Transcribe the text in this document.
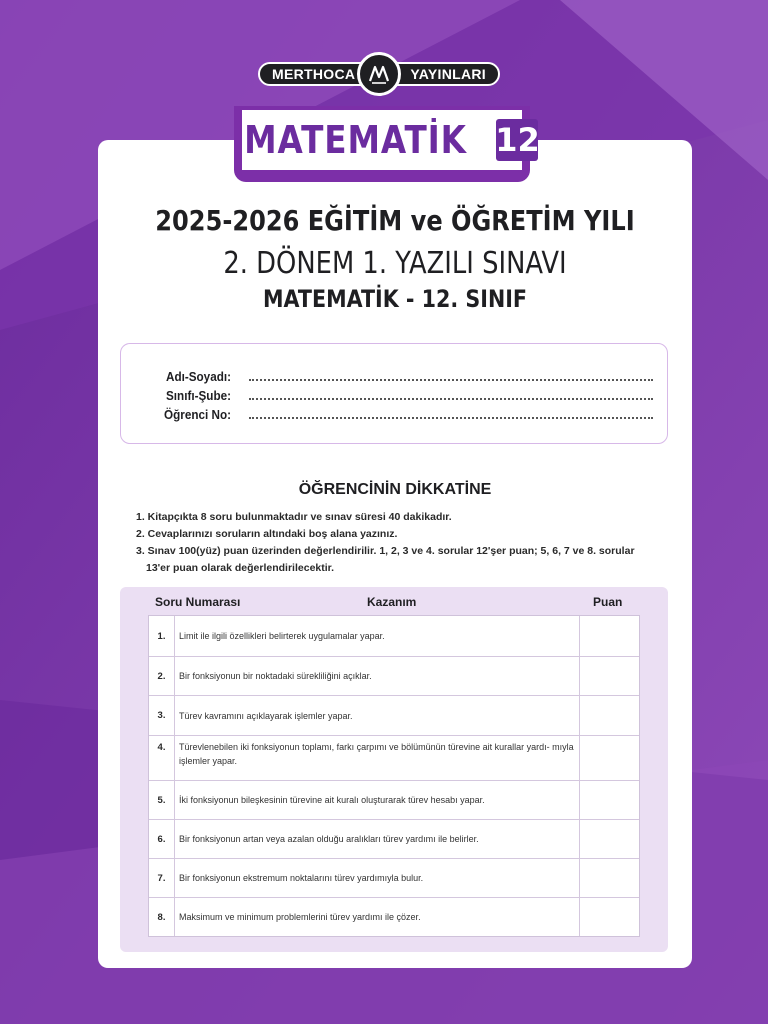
MERTHOCA	YAYINLARI
MATEMATİK 12
2025-2026 EĞİTİM ve ÖĞRETİM YILI
2. DÖNEM 1. YAZILI SINAVI
MATEMATİK - 12. SINIF
Adı-Soyadı:
Sınıfı-Şube:
Öğrenci No:
ÖĞRENCİNİN DİKKATİNE

1. Kitapçıkta 8 soru bulunmaktadır ve sınav süresi 40 dakikadır.

2. Cevaplarınızı soruların altındaki boş alana yazınız.

3. Sınav 100(yüz) puan üzerinden değerlendirilir. 1, 2, 3 ve 4. sorular 12'şer puan; 5, 6, 7 ve 8. sorular 13'er puan olarak değerlendirilecektir.

Soru Numarası	Kazanım	Puan
1.	Limit ile ilgili özellikleri belirterek uygulamalar yapar.
2.	Bir fonksiyonun bir noktadaki sürekliliğini açıklar.
3.	Türev kavramını açıklayarak işlemler yapar.
4.	Türevlenebilen iki fonksiyonun toplamı, farkı çarpımı ve bölümünün türevine ait kurallar yardı- mıyla işlemler yapar.
5.	İki fonksiyonun bileşkesinin türevine ait kuralı oluşturarak türev hesabı yapar.
6.	Bir fonksiyonun artan veya azalan olduğu aralıkları türev yardımı ile belirler.
7.	Bir fonksiyonun ekstremum noktalarını türev yardımıyla bulur.
8.	Maksimum ve minimum problemlerini türev yardımı ile çözer.
